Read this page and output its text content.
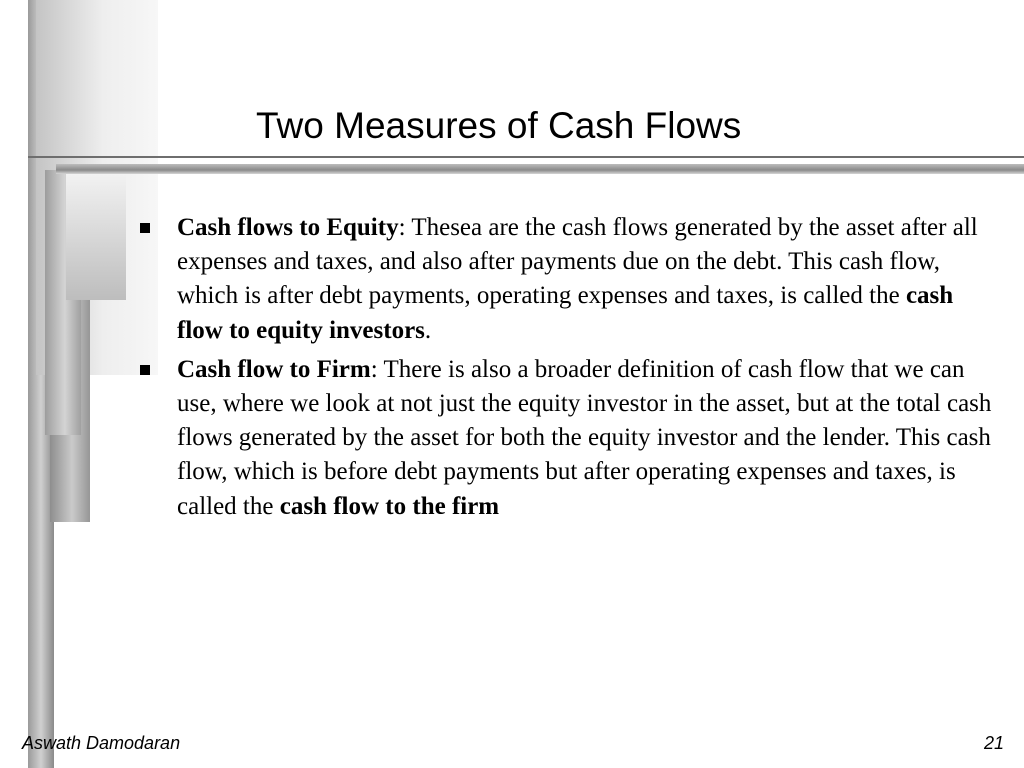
Two Measures of Cash Flows
Cash flows to Equity: Thesea are the cash flows generated by the asset after all expenses and taxes, and also after payments due on the debt. This cash flow, which is after debt payments, operating expenses and taxes, is called the cash flow to equity investors.
Cash flow to Firm: There is also a broader definition of cash flow that we can use, where we look at not just the equity investor in the asset, but at the total cash flows generated by the asset for both the equity investor and the lender. This cash flow, which is before debt payments but after operating expenses and taxes, is called the cash flow to the firm
Aswath Damodaran	21
